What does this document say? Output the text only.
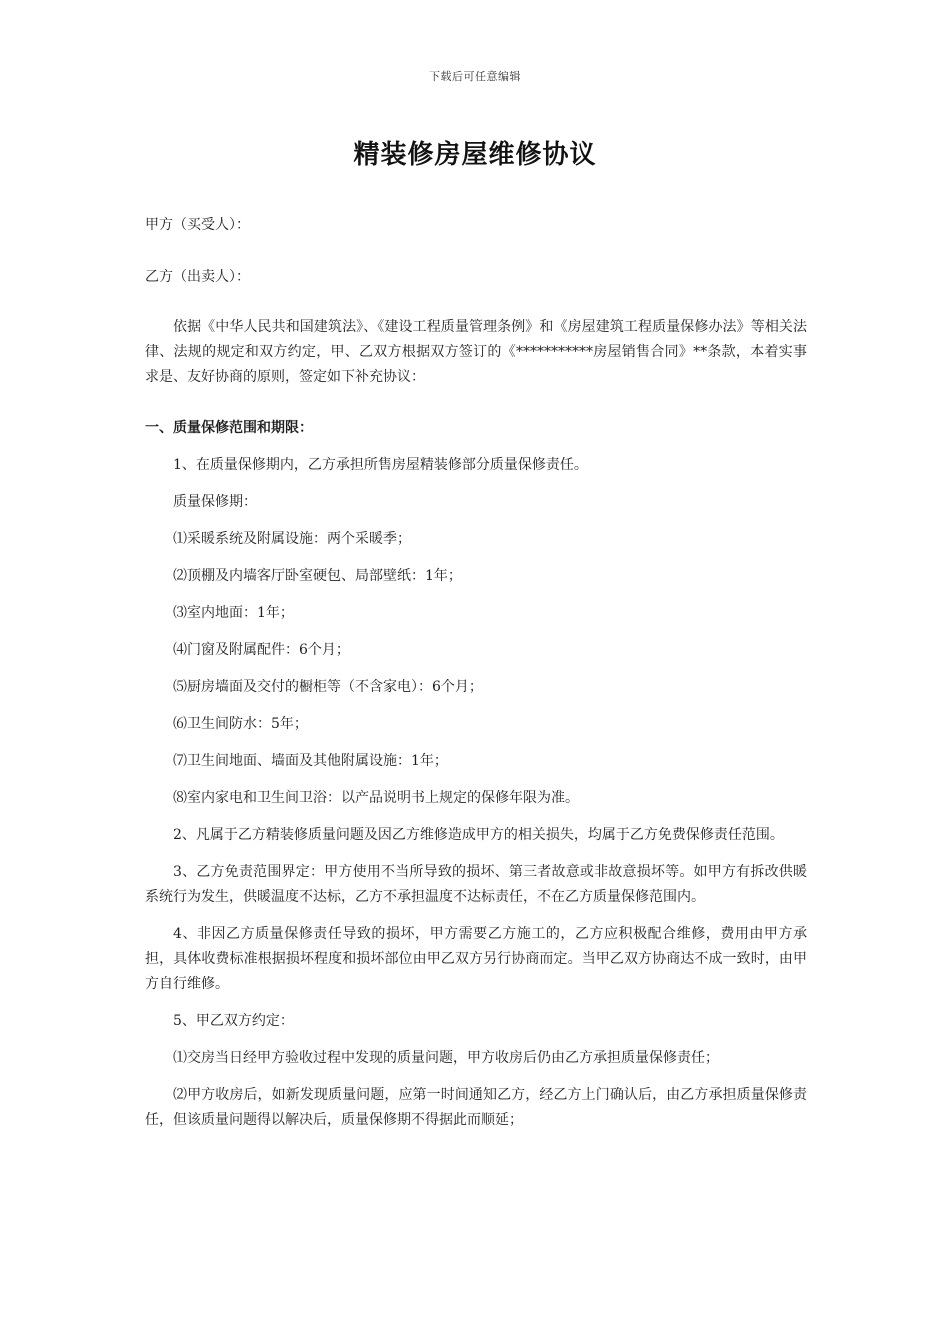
下载后可任意编辑
精装修房屋维修协议

甲方（买受人）：

乙方（出卖人）：

依据《中华人民共和国建筑法》、《建设工程质量管理条例》和《房屋建筑工程质量保修办法》等相关法律、法规的规定和双方约定，甲、乙双方根据双方签订的《***********房屋销售合同》**条款，本着实事求是、友好协商的原则，签定如下补充协议：

一、质量保修范围和期限：

1、在质量保修期内，乙方承担所售房屋精装修部分质量保修责任。

质量保修期：

⑴采暖系统及附属设施：两个采暖季；

⑵顶棚及内墙客厅卧室硬包、局部壁纸：1年；

⑶室内地面：1年；

⑷门窗及附属配件：6个月；

⑸厨房墙面及交付的橱柜等（不含家电）：6个月；

⑹卫生间防水：5年；

⑺卫生间地面、墙面及其他附属设施：1年；

⑻室内家电和卫生间卫浴：以产品说明书上规定的保修年限为准。

2、凡属于乙方精装修质量问题及因乙方维修造成甲方的相关损失，均属于乙方免费保修责任范围。

3、乙方免责范围界定：甲方使用不当所导致的损坏、第三者故意或非故意损坏等。如甲方有拆改供暖系统行为发生，供暖温度不达标，乙方不承担温度不达标责任，不在乙方质量保修范围内。

4、非因乙方质量保修责任导致的损坏，甲方需要乙方施工的，乙方应积极配合维修，费用由甲方承担，具体收费标准根据损坏程度和损坏部位由甲乙双方另行协商而定。当甲乙双方协商达不成一致时，由甲方自行维修。

5、甲乙双方约定：

⑴交房当日经甲方验收过程中发现的质量问题，甲方收房后仍由乙方承担质量保修责任；

⑵甲方收房后，如新发现质量问题，应第一时间通知乙方，经乙方上门确认后，由乙方承担质量保修责任，但该质量问题得以解决后，质量保修期不得据此而顺延；
